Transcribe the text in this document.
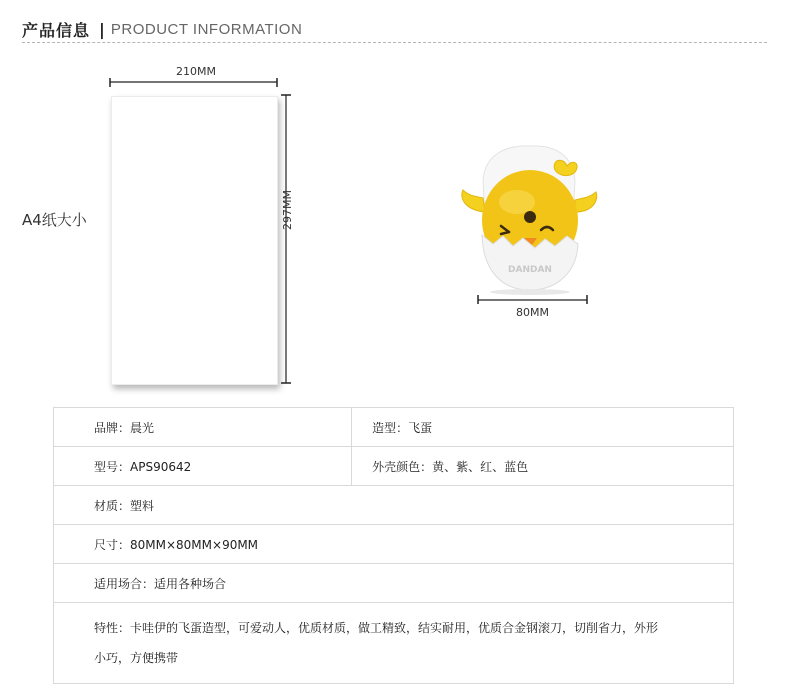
产品信息 | PRODUCT INFORMATION
A4纸大小
210MM
297MM
80MM
DANDAN
品牌：晨光	造型：飞蛋
型号：APS90642	外壳颜色：黄、紫、红、蓝色
材质：塑料	
尺寸：80MM×80MM×90MM	
适用场合：适用各种场合	

特性：卡哇伊的飞蛋造型，可爱动人，优质材质，做工精致，结实耐用，优质合金钢滚刀，切削省力，外形
小巧，方便携带	
